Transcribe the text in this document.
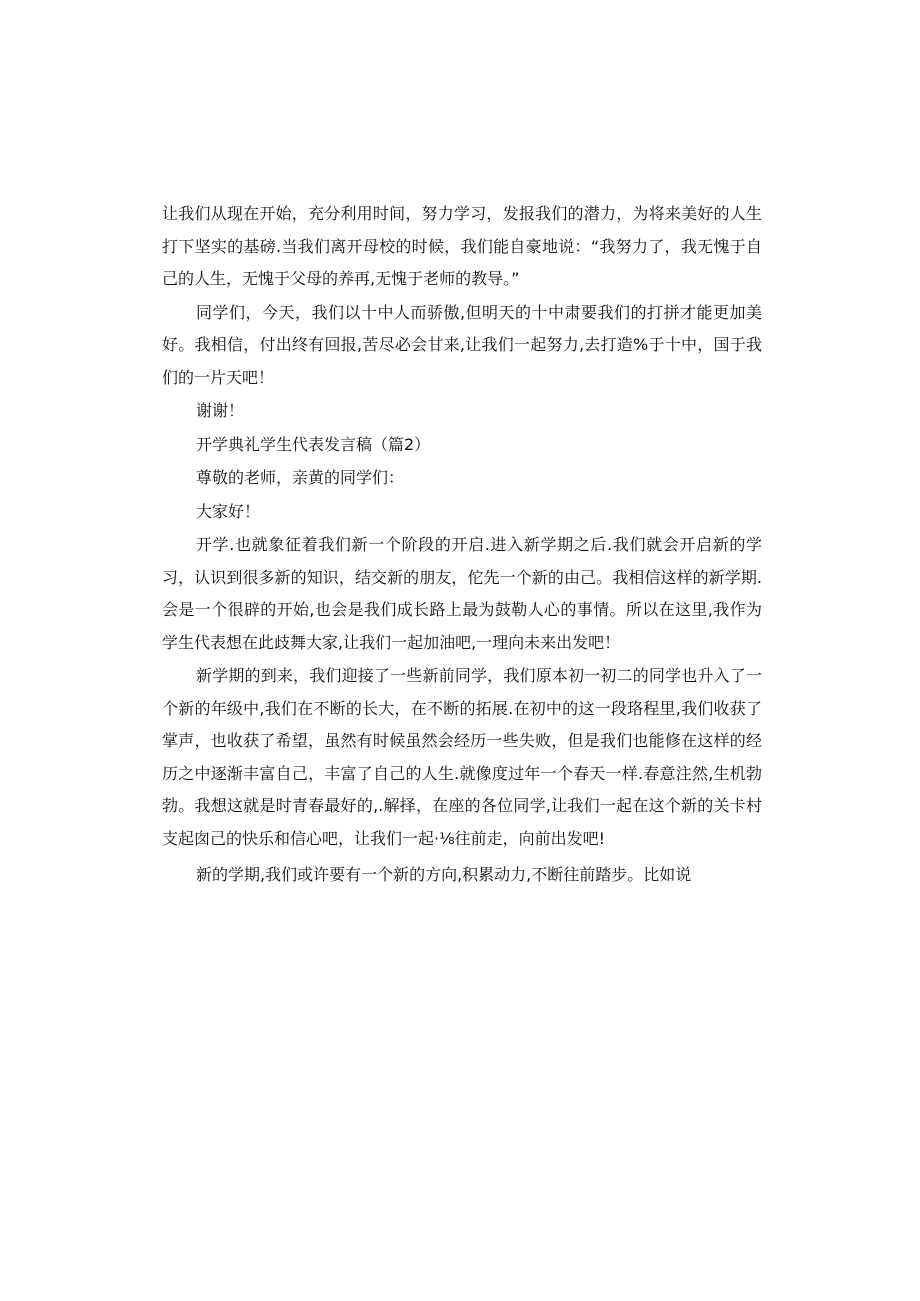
让我们从现在开始，充分利用时间，努力学习，发报我们的潜力，为将来美好的人生打下坚实的基磅.当我们离开母校的时候，我们能自豪地说：“我努力了，我无愧于自己的人生，无愧于父母的养再,无愧于老师的教导。”

同学们，今天，我们以十中人而骄傲,但明天的十中肃要我们的打拼才能更加美好。我相信，付出终有回报,苦尽必会甘来,让我们一起努力,去打造%于十中，国于我们的一片天吧！

谢谢！

开学典礼学生代表发言稿（篇2）

尊敬的老师，亲黄的同学们：

大家好！

开学.也就象征着我们新一个阶段的开启.进入新学期之后.我们就会开启新的学习，认识到很多新的知识，结交新的朋友，佗先一个新的由己。我相信这样的新学期.会是一个很辟的开始,也会是我们成长路上最为鼓勒人心的事情。所以在这里,我作为学生代表想在此歧舞大家,让我们一起加油吧,一理向未来出发吧！

新学期的到来，我们迎接了一些新前同学，我们原本初一初二的同学也升入了一个新的年级中,我们在不断的长大，在不断的拓展.在初中的这一段珞程里,我们收获了掌声，也收获了希望，虽然有时候虽然会经历一些失败，但是我们也能修在这样的经历之中逐渐丰富自己，丰富了自己的人生.就像度过年一个春天一样.春意注然,生机勃勃。我想这就是时青春最好的,.解择，在座的各位同学,让我们一起在这个新的关卡村支起囱己的快乐和信心吧，让我们一起·⅛往前走，向前出发吧!

新的学期,我们或许要有一个新的方向,积累动力,不断往前踏步。比如说
